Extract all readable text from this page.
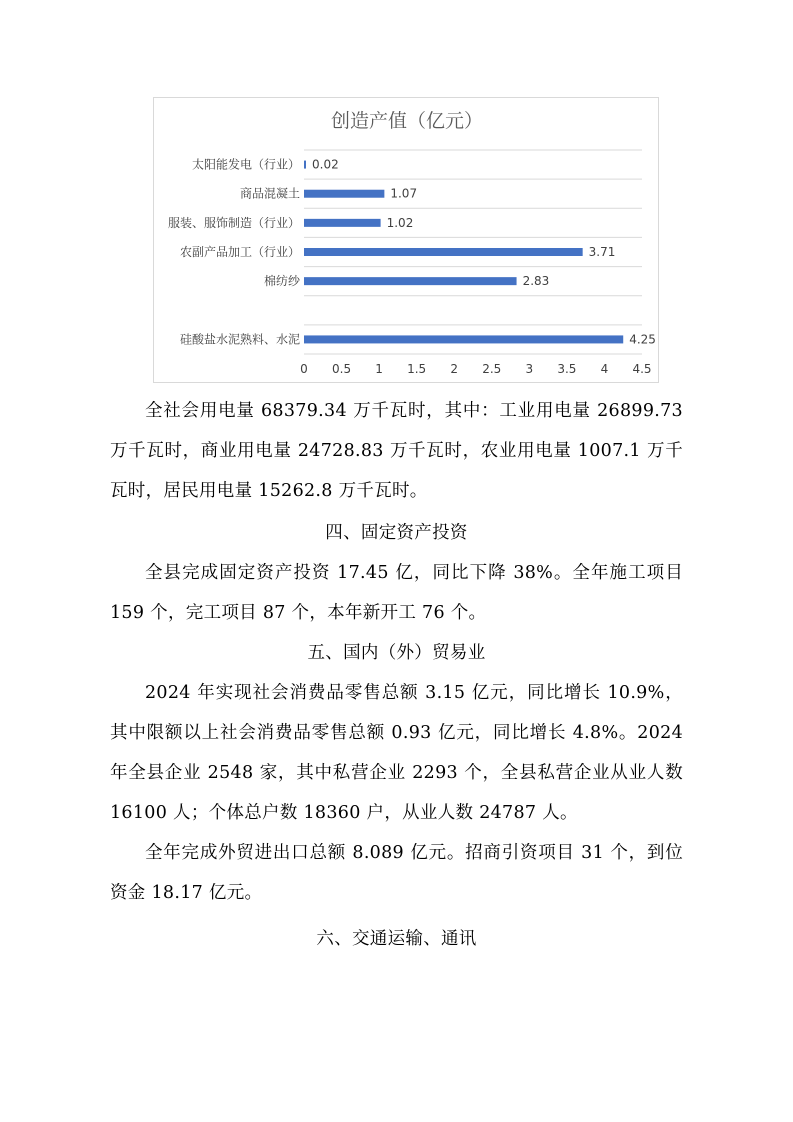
创造产值（亿元）
太阳能发电（行业）
商品混凝土
服装、服饰制造（行业）
农副产品加工（行业）
棉纺纱
硅酸盐水泥熟料、水泥
0.02
1.07
1.02
3.71
2.83
4.25
0 0.5 1 1.5 2 2.5 3 3.5 4 4.5

全社会用电量 68379.34 万千瓦时，其中：工业用电量 26899.73 万千瓦时，商业用电量 24728.83 万千瓦时，农业用电量 1007.1 万千瓦时，居民用电量 15262.8 万千瓦时。

四、固定资产投资

全县完成固定资产投资 17.45 亿，同比下降 38%。全年施工项目 159 个，完工项目 87 个，本年新开工 76 个。

五、国内（外）贸易业

2024 年实现社会消费品零售总额 3.15 亿元，同比增长 10.9%，其中限额以上社会消费品零售总额 0.93 亿元，同比增长 4.8%。2024 年全县企业 2548 家，其中私营企业 2293 个，全县私营企业从业人数 16100 人；个体总户数 18360 户，从业人数 24787 人。

全年完成外贸进出口总额 8.089 亿元。招商引资项目 31 个，到位资金 18.17 亿元。

六、交通运输、通讯
